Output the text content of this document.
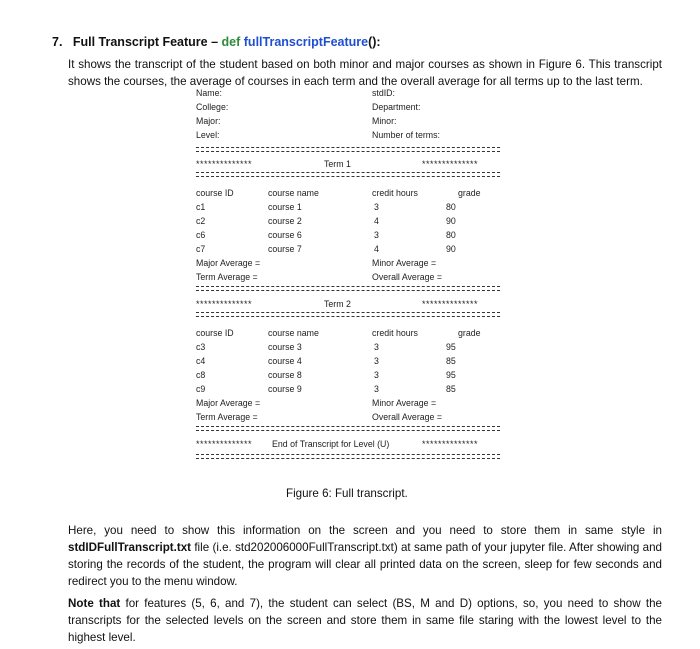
7. Full Transcript Feature – def fullTranscriptFeature():

It shows the transcript of the student based on both minor and major courses as shown in Figure 6. This transcript shows the courses, the average of courses in each term and the overall average for all terms up to the last term.

Name:	stdID:
College:	Department:
Major:	Minor:
Level:	Number of terms:
**************	Term 1	**************
course ID	course name	credit hours	grade
c1	course 1	3	80
c2	course 2	4	90
c6	course 6	3	80
c7	course 7	4	90
Major Average =	Minor Average =
Term Average =	Overall Average =
**************	Term 2	**************
course ID	course name	credit hours	grade
c3	course 3	3	95
c4	course 4	3	85
c8	course 8	3	95
c9	course 9	3	85
Major Average =	Minor Average =
Term Average =	Overall Average =
************** End of Transcript for Level (U)	**************
Figure 6: Full transcript.

Here, you need to show this information on the screen and you need to store them in same style in stdIDFullTranscript.txt file (i.e. std202006000FullTranscript.txt) at same path of your jupyter file. After showing and storing the records of the student, the program will clear all printed data on the screen, sleep for few seconds and redirect you to the menu window.

Note that for features (5, 6, and 7), the student can select (BS, M and D) options, so, you need to show the transcripts for the selected levels on the screen and store them in same file staring with the lowest level to the highest level.
